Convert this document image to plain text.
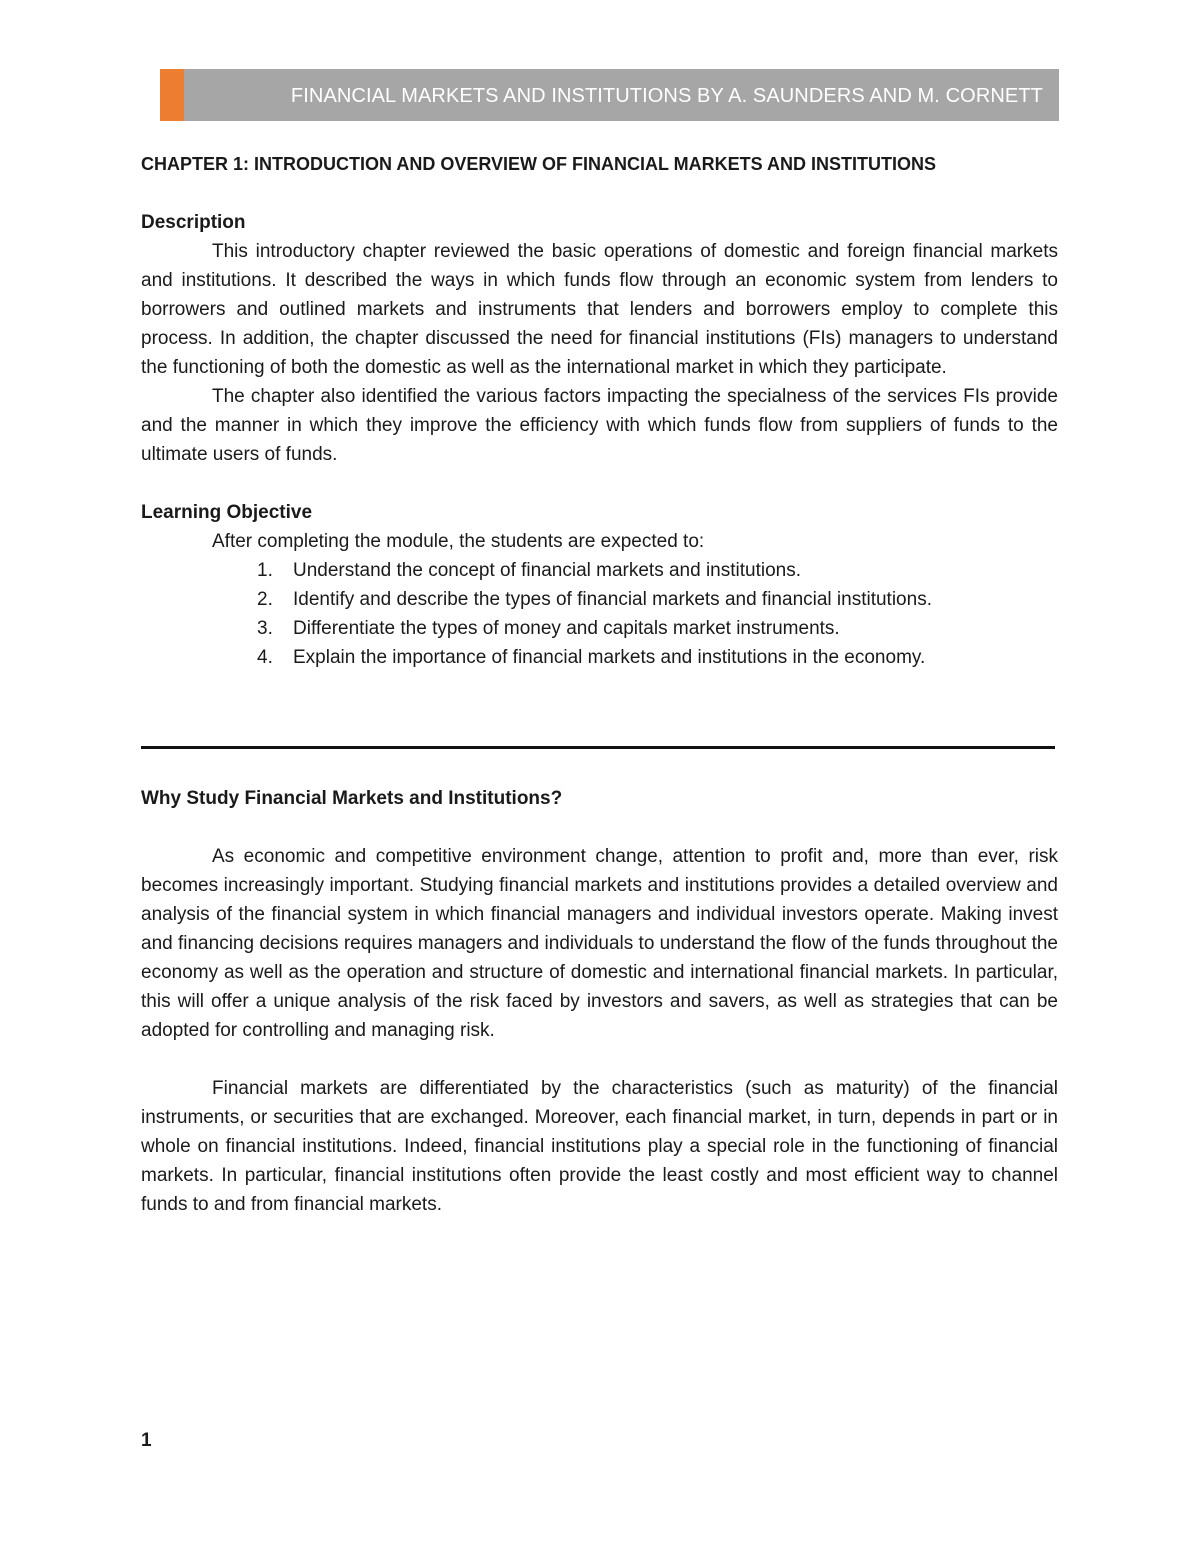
FINANCIAL MARKETS AND INSTITUTIONS BY A. SAUNDERS AND M. CORNETT

CHAPTER 1: INTRODUCTION AND OVERVIEW OF FINANCIAL MARKETS AND INSTITUTIONS

Description

This introductory chapter reviewed the basic operations of domestic and foreign financial markets and institutions. It described the ways in which funds flow through an economic system from lenders to borrowers and outlined markets and instruments that lenders and borrowers employ to complete this process. In addition, the chapter discussed the need for financial institutions (FIs) managers to understand the functioning of both the domestic as well as the international market in which they participate.

The chapter also identified the various factors impacting the specialness of the services FIs provide and the manner in which they improve the efficiency with which funds flow from suppliers of funds to the ultimate users of funds.

Learning Objective

After completing the module, the students are expected to:

1. Understand the concept of financial markets and institutions.
2. Identify and describe the types of financial markets and financial institutions.
3. Differentiate the types of money and capitals market instruments.
4. Explain the importance of financial markets and institutions in the economy.

Why Study Financial Markets and Institutions?

As economic and competitive environment change, attention to profit and, more than ever, risk becomes increasingly important. Studying financial markets and institutions provides a detailed overview and analysis of the financial system in which financial managers and individual investors operate. Making invest and financing decisions requires managers and individuals to understand the flow of the funds throughout the economy as well as the operation and structure of domestic and international financial markets. In particular, this will offer a unique analysis of the risk faced by investors and savers, as well as strategies that can be adopted for controlling and managing risk.

Financial markets are differentiated by the characteristics (such as maturity) of the financial instruments, or securities that are exchanged. Moreover, each financial market, in turn, depends in part or in whole on financial institutions. Indeed, financial institutions play a special role in the functioning of financial markets. In particular, financial institutions often provide the least costly and most efficient way to channel funds to and from financial markets.

1
